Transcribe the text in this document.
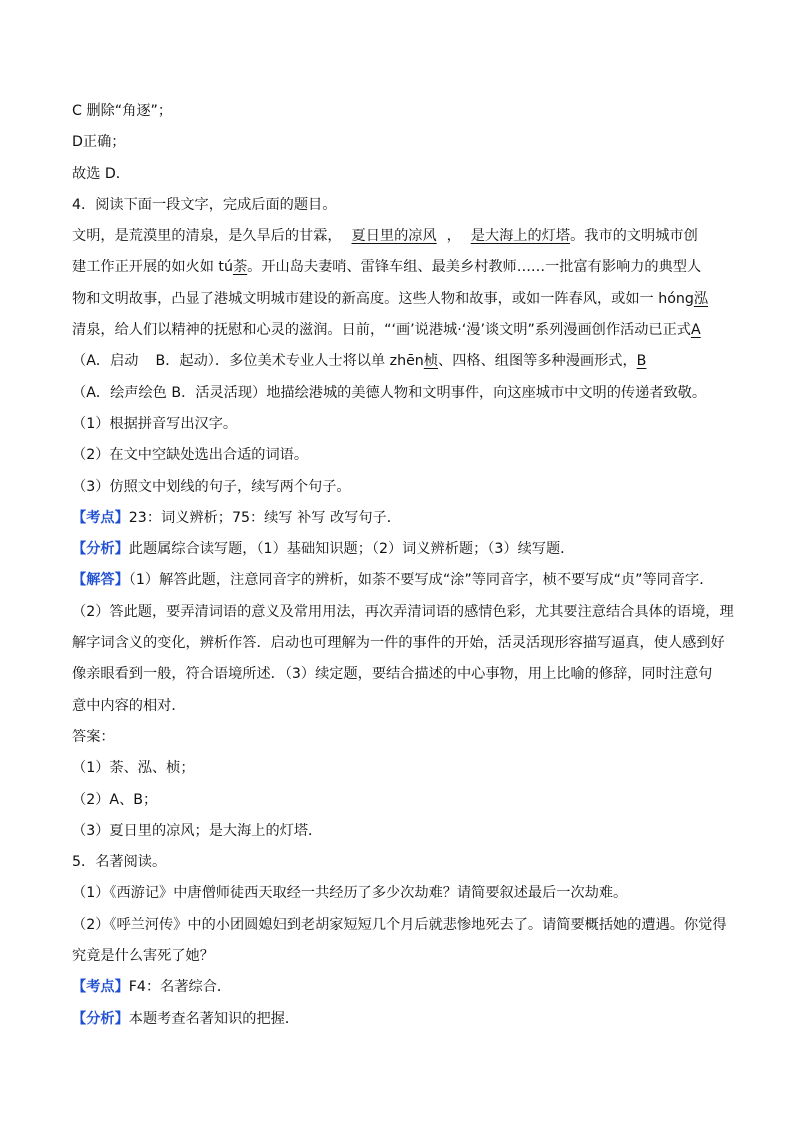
C 删除“角逐”；
D正确；
故选 D．
4．阅读下面一段文字，完成后面的题目。
文明，是荒漠里的清泉，是久旱后的甘霖， 夏日里的凉风 ， 是大海上的灯塔。我市的文明城市创
建工作正开展的如火如 tú荼。开山岛夫妻哨、雷锋车组、最美乡村教师……一批富有影响力的典型人
物和文明故事，凸显了港城文明城市建设的新高度。这些人物和故事，或如一阵春风，或如一 hóng泓
清泉，给人们以精神的抚慰和心灵的滋润。日前，“‘画’说港城·‘漫’谈文明”系列漫画创作活动已正式A
（A．启动 B．起动）．多位美术专业人士将以单 zhēn桢、四格、组图等多种漫画形式，B
（A．绘声绘色 B．活灵活现）地描绘港城的美德人物和文明事件，向这座城市中文明的传递者致敬。
（1）根据拼音写出汉字。
（2）在文中空缺处选出合适的词语。
（3）仿照文中划线的句子，续写两个句子。
【考点】23：词义辨析；75：续写 补写 改写句子．
【分析】此题属综合读写题，（1）基础知识题；（2）词义辨析题；（3）续写题．
【解答】（1）解答此题，注意同音字的辨析，如荼不要写成“涂”等同音字，桢不要写成“贞”等同音字．
（2）答此题，要弄清词语的意义及常用用法，再次弄清词语的感情色彩，尤其要注意结合具体的语境，理
解字词含义的变化，辨析作答．启动也可理解为一件的事件的开始，活灵活现形容描写逼真，使人感到好
像亲眼看到一般，符合语境所述．（3）续定题，要结合描述的中心事物，用上比喻的修辞，同时注意句
意中内容的相对．
答案：
（1）荼、泓、桢；
（2）A、B；
（3）夏日里的凉风；是大海上的灯塔．
5．名著阅读。
（1）《西游记》中唐僧师徒西天取经一共经历了多少次劫难？请简要叙述最后一次劫难。
（2）《呼兰河传》中的小团圆媳妇到老胡家短短几个月后就悲惨地死去了。请简要概括她的遭遇。你觉得
究竟是什么害死了她？
【考点】F4：名著综合．
【分析】本题考查名著知识的把握．
